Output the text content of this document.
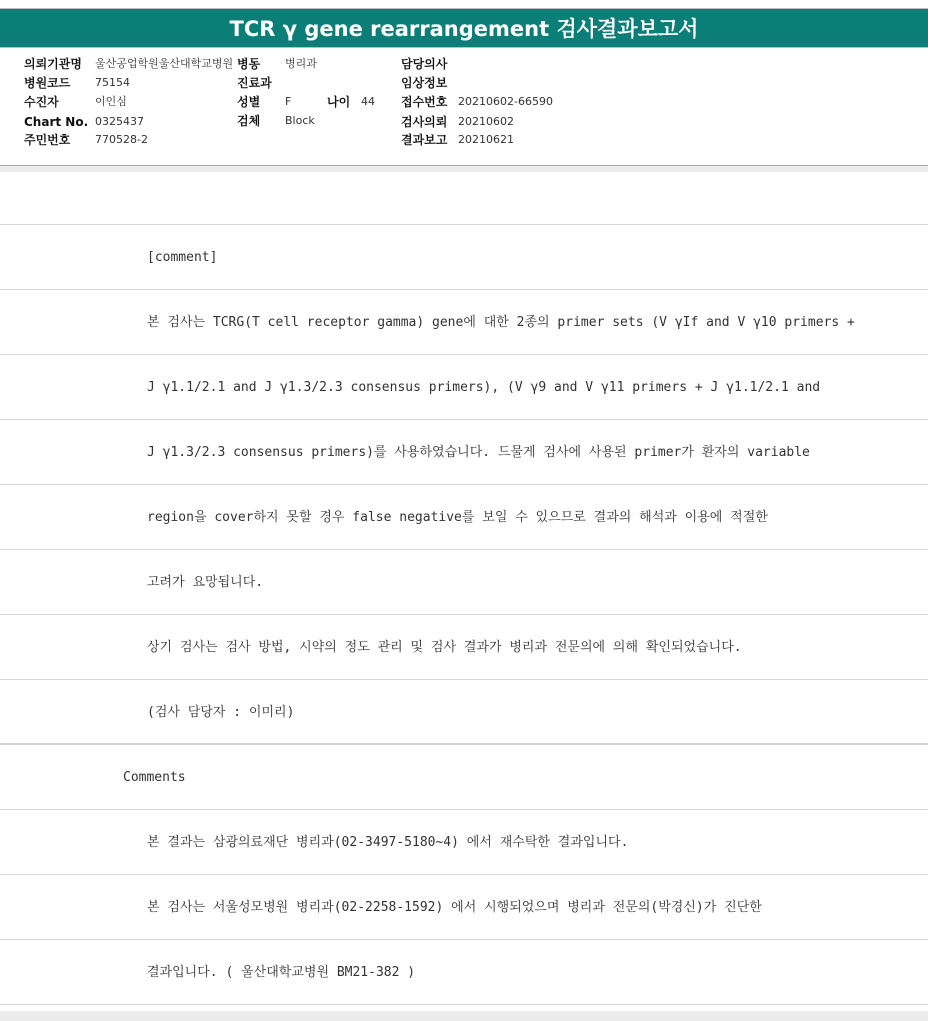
TCR γ gene rearrangement 검사결과보고서
의뢰기관명 울산공업학원울산대학교병원 병동 병리과	담당의사
병원코드 75154	진료과	임상정보
수진자	이인심	성별 F	나이 44 접수번호 20210602-66590
Chart No. 0325437	검체 Block	검사의뢰 20210602
주민번호 770528-2	결과보고 20210621
[comment]
본 검사는 TCRG(T cell receptor gamma) gene에 대한 2종의 primer sets (V γIf and V γ10 primers +
J γ1.1/2.1 and J γ1.3/2.3 consensus primers), (V γ9 and V γ11 primers + J γ1.1/2.1 and
J γ1.3/2.3 consensus primers)를 사용하였습니다. 드물게 검사에 사용된 primer가 환자의 variable
region을 cover하지 못할 경우 false negative를 보일 수 있으므로 결과의 해석과 이용에 적절한
고려가 요망됩니다.
상기 검사는 검사 방법, 시약의 정도 관리 및 검사 결과가 병리과 전문의에 의해 확인되었습니다.
(검사 담당자 : 이미리)
Comments
본 결과는 삼광의료재단 병리과(02-3497-5180~4) 에서 재수탁한 결과입니다.
본 검사는 서울성모병원 병리과(02-2258-1592) 에서 시행되었으며 병리과 전문의(박경신)가 진단한
결과입니다. ( 울산대학교병원 BM21-382 )
